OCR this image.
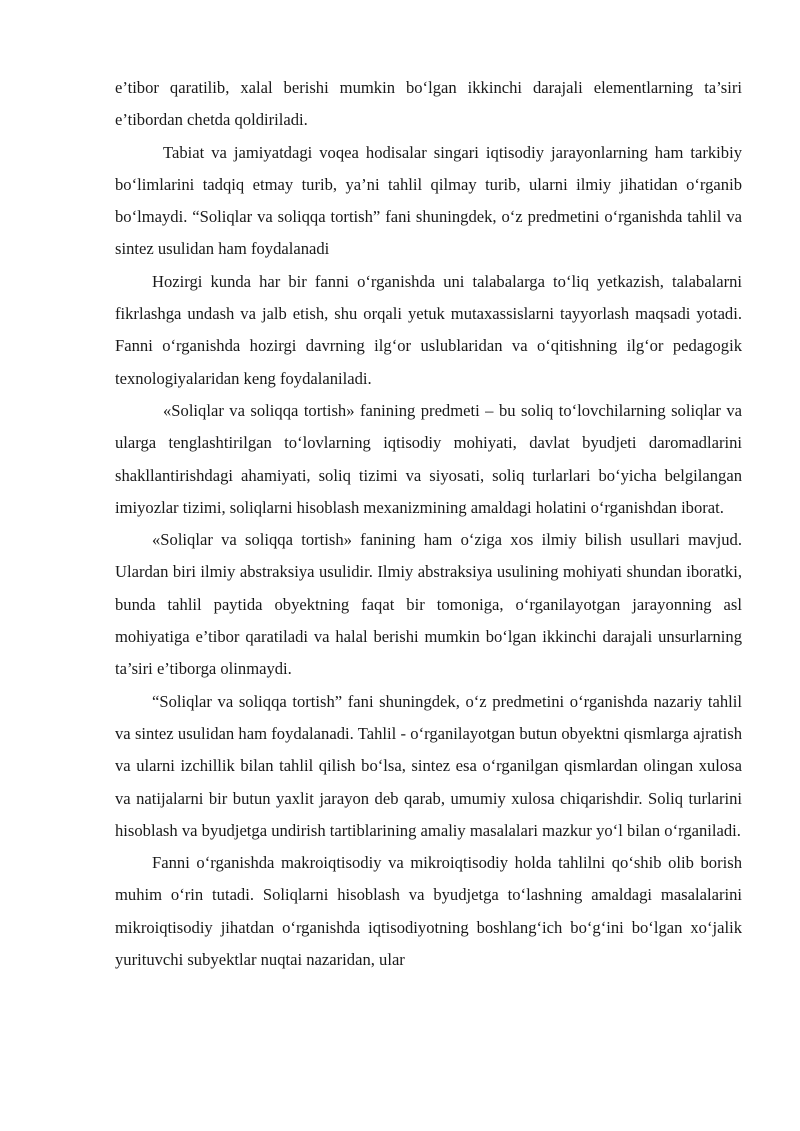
e’tibor qaratilib, xalal berishi mumkin bo‘lgan ikkinchi darajali elementlarning ta’siri e’tibordan chetda qoldiriladi.

Tabiat va jamiyatdagi voqea hodisalar singari iqtisodiy jarayonlarning ham tarkibiy bo‘limlarini tadqiq etmay turib, ya’ni tahlil qilmay turib, ularni ilmiy jihatidan o‘rganib bo‘lmaydi. “Soliqlar va soliqqa tortish” fani shuningdek, o‘z predmetini o‘rganishda tahlil va sintez usulidan ham foydalanadi

Hozirgi kunda har bir fanni o‘rganishda uni talabalarga to‘liq yetkazish, talabalarni fikrlashga undash va jalb etish, shu orqali yetuk mutaxassislarni tayyorlash maqsadi yotadi. Fanni o‘rganishda hozirgi davrning ilg‘or uslublaridan va o‘qitishning ilg‘or pedagogik texnologiyalaridan keng foydalaniladi.

«Soliqlar va soliqqa tortish» fanining predmeti – bu soliq to‘lovchilarning soliqlar va ularga tenglashtirilgan to‘lovlarning iqtisodiy mohiyati, davlat byudjeti daromadlarini shakllantirishdagi ahamiyati, soliq tizimi va siyosati, soliq turlarlari bo‘yicha belgilangan imiyozlar tizimi, soliqlarni hisoblash mexanizmining amaldagi holatini o‘rganishdan iborat.

«Soliqlar va soliqqa tortish» fanining ham o‘ziga xos ilmiy bilish usullari mavjud. Ulardan biri ilmiy abstraksiya usulidir. Ilmiy abstraksiya usulining mohiyati shundan iboratki, bunda tahlil paytida obyektning faqat bir tomoniga, o‘rganilayotgan jarayonning asl mohiyatiga e’tibor qaratiladi va halal berishi mumkin bo‘lgan ikkinchi darajali unsurlarning ta’siri e’tiborga olinmaydi.

“Soliqlar va soliqqa tortish” fani shuningdek, o‘z predmetini o‘rganishda nazariy tahlil va sintez usulidan ham foydalanadi. Tahlil - o‘rganilayotgan butun obyektni qismlarga ajratish va ularni izchillik bilan tahlil qilish bo‘lsa, sintez esa o‘rganilgan qismlardan olingan xulosa va natijalarni bir butun yaxlit jarayon deb qarab, umumiy xulosa chiqarishdir. Soliq turlarini hisoblash va byudjetga undirish tartiblarining amaliy masalalari mazkur yo‘l bilan o‘rganiladi.

Fanni o‘rganishda makroiqtisodiy va mikroiqtisodiy holda tahlilni qo‘shib olib borish muhim o‘rin tutadi. Soliqlarni hisoblash va byudjetga to‘lashning amaldagi masalalarini mikroiqtisodiy jihatdan o‘rganishda iqtisodiyotning boshlang‘ich bo‘g‘ini bo‘lgan xo‘jalik yurituvchi subyektlar nuqtai nazaridan, ular
